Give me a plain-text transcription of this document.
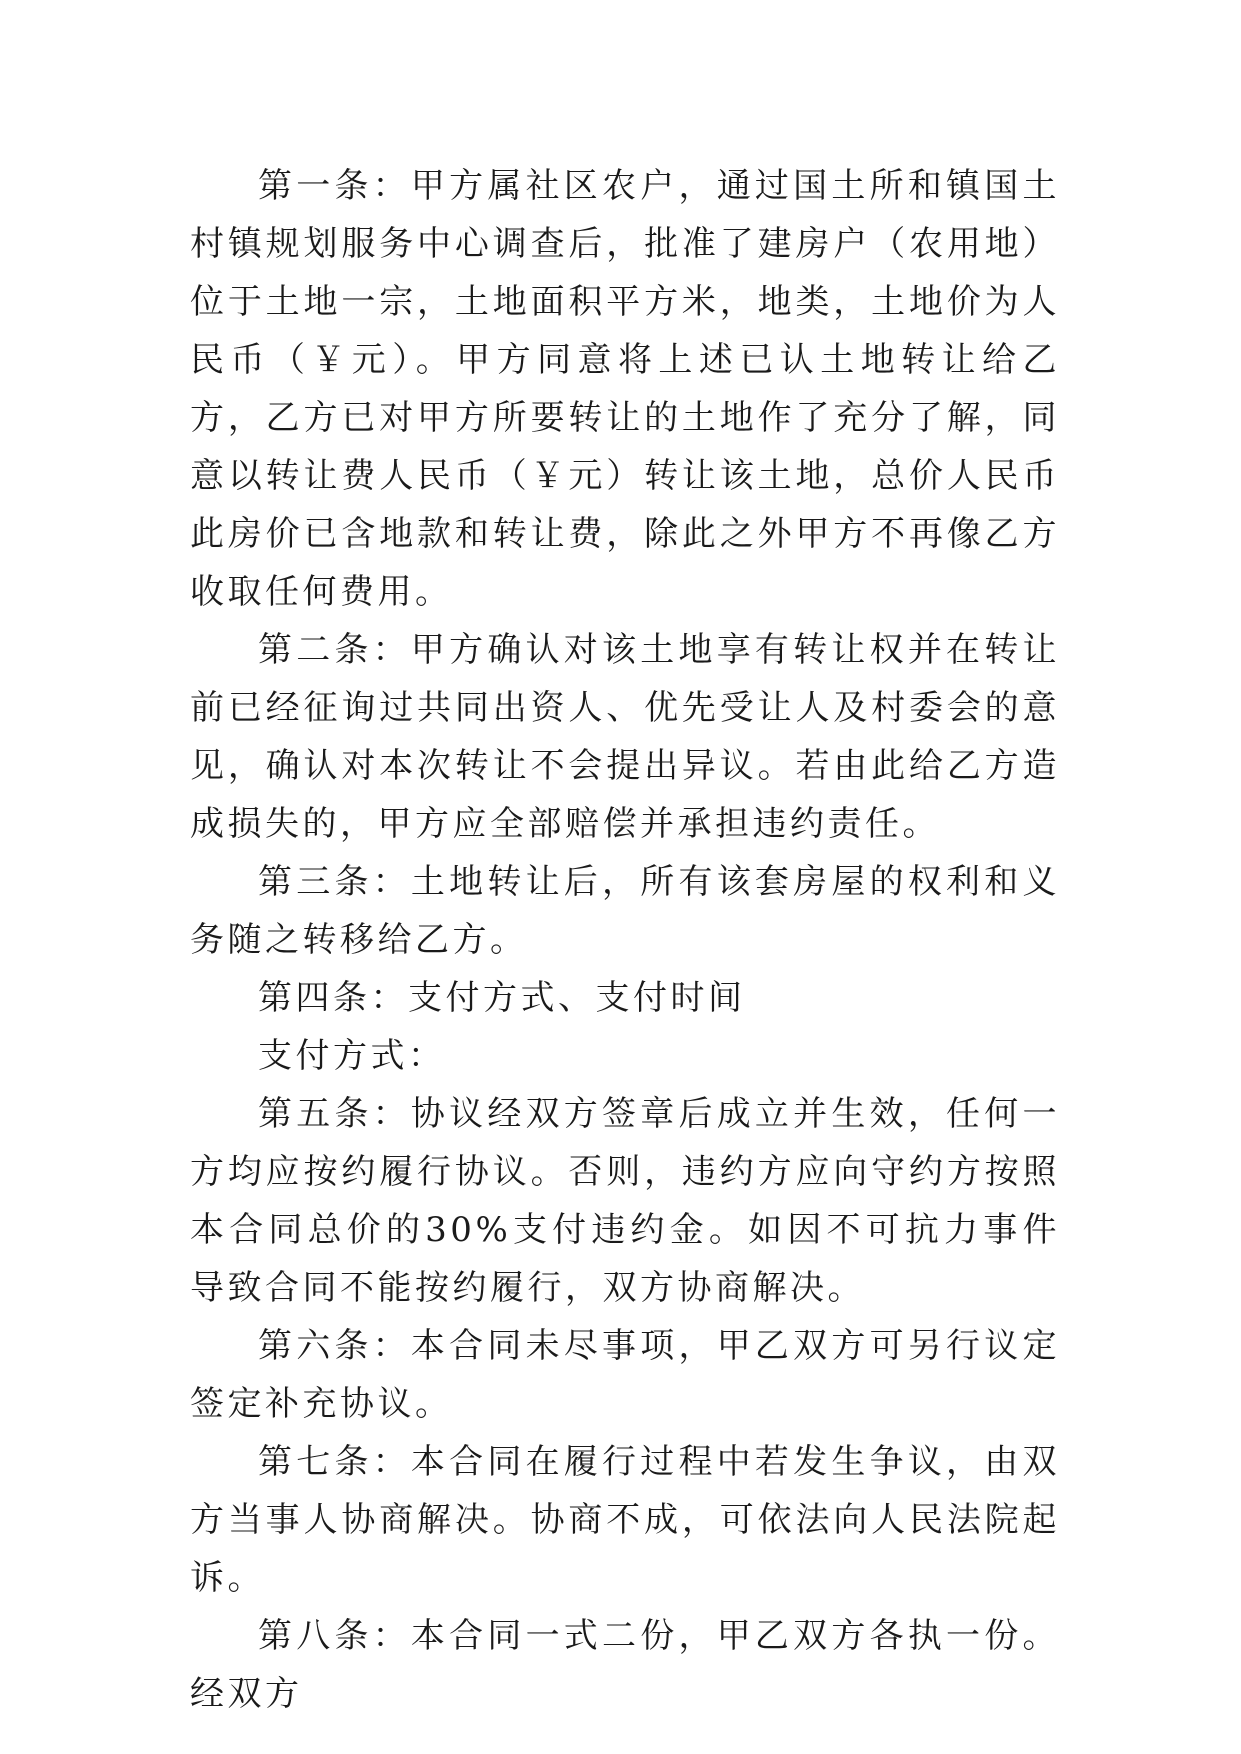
第一条：甲方属社区农户，通过国土所和镇国土村镇规划服务中心调查后，批准了建房户（农用地）位于土地一宗，土地面积平方米，地类，土地价为人民币（￥元）。甲方同意将上述已认土地转让给乙方，乙方已对甲方所要转让的土地作了充分了解，同意以转让费人民币（￥元）转让该土地，总价人民币此房价已含地款和转让费，除此之外甲方不再像乙方收取任何费用。

第二条：甲方确认对该土地享有转让权并在转让前已经征询过共同出资人、优先受让人及村委会的意见，确认对本次转让不会提出异议。若由此给乙方造成损失的，甲方应全部赔偿并承担违约责任。

第三条：土地转让后，所有该套房屋的权利和义务随之转移给乙方。

第四条：支付方式、支付时间

支付方式：

第五条：协议经双方签章后成立并生效，任何一方均应按约履行协议。否则，违约方应向守约方按照本合同总价的30%支付违约金。如因不可抗力事件导致合同不能按约履行，双方协商解决。

第六条：本合同未尽事项，甲乙双方可另行议定签定补充协议。

第七条：本合同在履行过程中若发生争议，由双方当事人协商解决。协商不成，可依法向人民法院起诉。

第八条：本合同一式二份，甲乙双方各执一份。经双方
